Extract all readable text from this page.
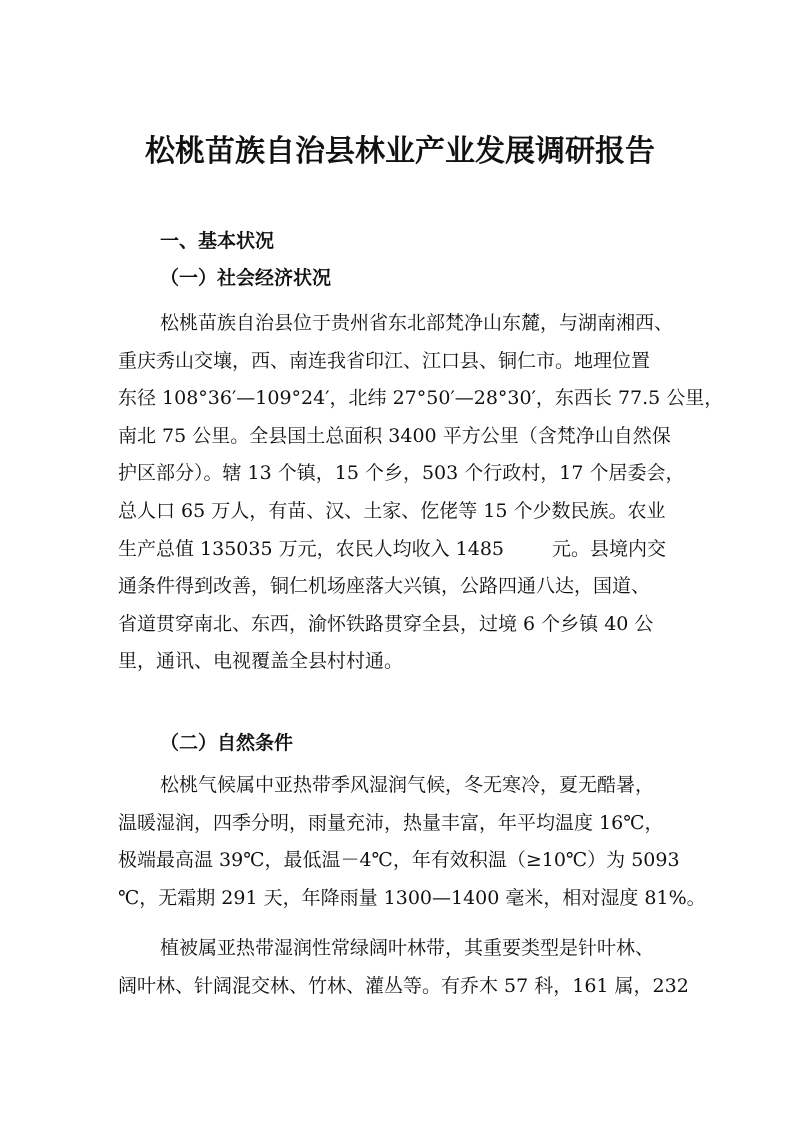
松桃苗族自治县林业产业发展调研报告
一、基本状况
（一）社会经济状况
松桃苗族自治县位于贵州省东北部梵净山东麓，与湖南湘西、
重庆秀山交壤，西、南连我省印江、江口县、铜仁市。地理位置
东径 108°36′—109°24′，北纬 27°50′—28°30′，东西长 77.5 公里，
南北 75 公里。全县国土总面积 3400 平方公里（含梵净山自然保
护区部分）。辖 13 个镇，15 个乡，503 个行政村，17 个居委会，
总人口 65 万人，有苗、汉、土家、仡佬等 15 个少数民族。农业
生产总值 135035 万元，农民人均收入 1485	元。县境内交
通条件得到改善，铜仁机场座落大兴镇，公路四通八达，国道、
省道贯穿南北、东西，渝怀铁路贯穿全县，过境 6 个乡镇 40 公
里，通讯、电视覆盖全县村村通。
（二）自然条件
松桃气候属中亚热带季风湿润气候，冬无寒冷，夏无酷暑，
温暖湿润，四季分明，雨量充沛，热量丰富，年平均温度 16℃，
极端最高温 39℃，最低温－4℃，年有效积温（≥10℃）为 5093
℃，无霜期 291 天，年降雨量 1300—1400 毫米，相对湿度 81%。
植被属亚热带湿润性常绿阔叶林带，其重要类型是针叶林、
阔叶林、针阔混交林、竹林、灌丛等。有乔木 57 科，161 属，232
